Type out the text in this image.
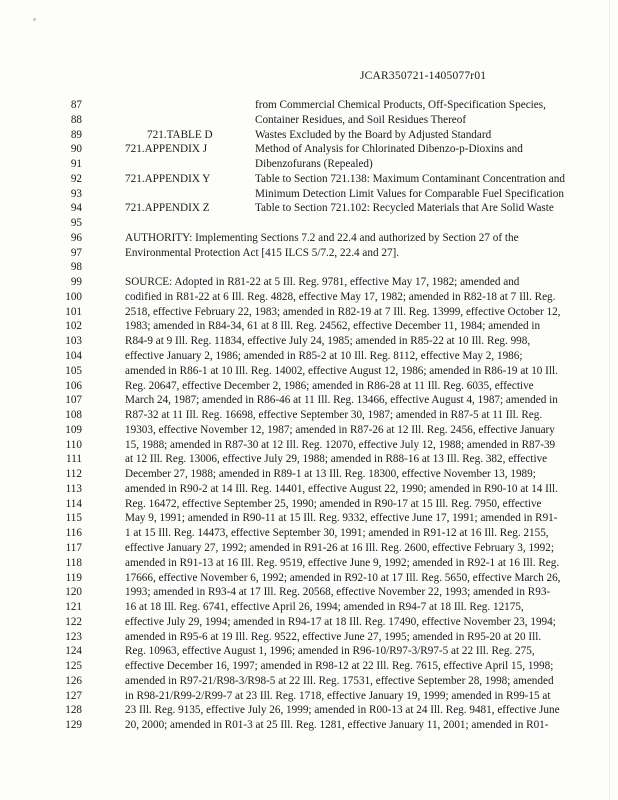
JCAR350721-1405077r01
87	from Commercial Chemical Products, Off-Specification Species,
88	Container Residues, and Soil Residues Thereof
89	721.TABLE D	Wastes Excluded by the Board by Adjusted Standard
90	721.APPENDIX J	Method of Analysis for Chlorinated Dibenzo-p-Dioxins and
91	Dibenzofurans (Repealed)
92	721.APPENDIX Y	Table to Section 721.138: Maximum Contaminant Concentration and
93	Minimum Detection Limit Values for Comparable Fuel Specification
94	721.APPENDIX Z	Table to Section 721.102: Recycled Materials that Are Solid Waste
95
96	AUTHORITY: Implementing Sections 7.2 and 22.4 and authorized by Section 27 of the
97	Environmental Protection Act [415 ILCS 5/7.2, 22.4 and 27].
98
99	SOURCE: Adopted in R81-22 at 5 Ill. Reg. 9781, effective May 17, 1982; amended and
100	codified in R81-22 at 6 Ill. Reg. 4828, effective May 17, 1982; amended in R82-18 at 7 Ill. Reg.
101	2518, effective February 22, 1983; amended in R82-19 at 7 Ill. Reg. 13999, effective October 12,
102	1983; amended in R84-34, 61 at 8 Ill. Reg. 24562, effective December 11, 1984; amended in
103	R84-9 at 9 Ill. Reg. 11834, effective July 24, 1985; amended in R85-22 at 10 Ill. Reg. 998,
104	effective January 2, 1986; amended in R85-2 at 10 Ill. Reg. 8112, effective May 2, 1986;
105	amended in R86-1 at 10 Ill. Reg. 14002, effective August 12, 1986; amended in R86-19 at 10 Ill.
106	Reg. 20647, effective December 2, 1986; amended in R86-28 at 11 Ill. Reg. 6035, effective
107	March 24, 1987; amended in R86-46 at 11 Ill. Reg. 13466, effective August 4, 1987; amended in
108	R87-32 at 11 Ill. Reg. 16698, effective September 30, 1987; amended in R87-5 at 11 Ill. Reg.
109	19303, effective November 12, 1987; amended in R87-26 at 12 Ill. Reg. 2456, effective January
110	15, 1988; amended in R87-30 at 12 Ill. Reg. 12070, effective July 12, 1988; amended in R87-39
111	at 12 Ill. Reg. 13006, effective July 29, 1988; amended in R88-16 at 13 Ill. Reg. 382, effective
112	December 27, 1988; amended in R89-1 at 13 Ill. Reg. 18300, effective November 13, 1989;
113	amended in R90-2 at 14 Ill. Reg. 14401, effective August 22, 1990; amended in R90-10 at 14 Ill.
114	Reg. 16472, effective September 25, 1990; amended in R90-17 at 15 Ill. Reg. 7950, effective
115	May 9, 1991; amended in R90-11 at 15 Ill. Reg. 9332, effective June 17, 1991; amended in R91-
116	1 at 15 Ill. Reg. 14473, effective September 30, 1991; amended in R91-12 at 16 Ill. Reg. 2155,
117	effective January 27, 1992; amended in R91-26 at 16 Ill. Reg. 2600, effective February 3, 1992;
118	amended in R91-13 at 16 Ill. Reg. 9519, effective June 9, 1992; amended in R92-1 at 16 Ill. Reg.
119	17666, effective November 6, 1992; amended in R92-10 at 17 Ill. Reg. 5650, effective March 26,
120	1993; amended in R93-4 at 17 Ill. Reg. 20568, effective November 22, 1993; amended in R93-
121	16 at 18 Ill. Reg. 6741, effective April 26, 1994; amended in R94-7 at 18 Ill. Reg. 12175,
122	effective July 29, 1994; amended in R94-17 at 18 Ill. Reg. 17490, effective November 23, 1994;
123	amended in R95-6 at 19 Ill. Reg. 9522, effective June 27, 1995; amended in R95-20 at 20 Ill.
124	Reg. 10963, effective August 1, 1996; amended in R96-10/R97-3/R97-5 at 22 Ill. Reg. 275,
125	effective December 16, 1997; amended in R98-12 at 22 Ill. Reg. 7615, effective April 15, 1998;
126	amended in R97-21/R98-3/R98-5 at 22 Ill. Reg. 17531, effective September 28, 1998; amended
127	in R98-21/R99-2/R99-7 at 23 Ill. Reg. 1718, effective January 19, 1999; amended in R99-15 at
128	23 Ill. Reg. 9135, effective July 26, 1999; amended in R00-13 at 24 Ill. Reg. 9481, effective June
129	20, 2000; amended in R01-3 at 25 Ill. Reg. 1281, effective January 11, 2001; amended in R01-
